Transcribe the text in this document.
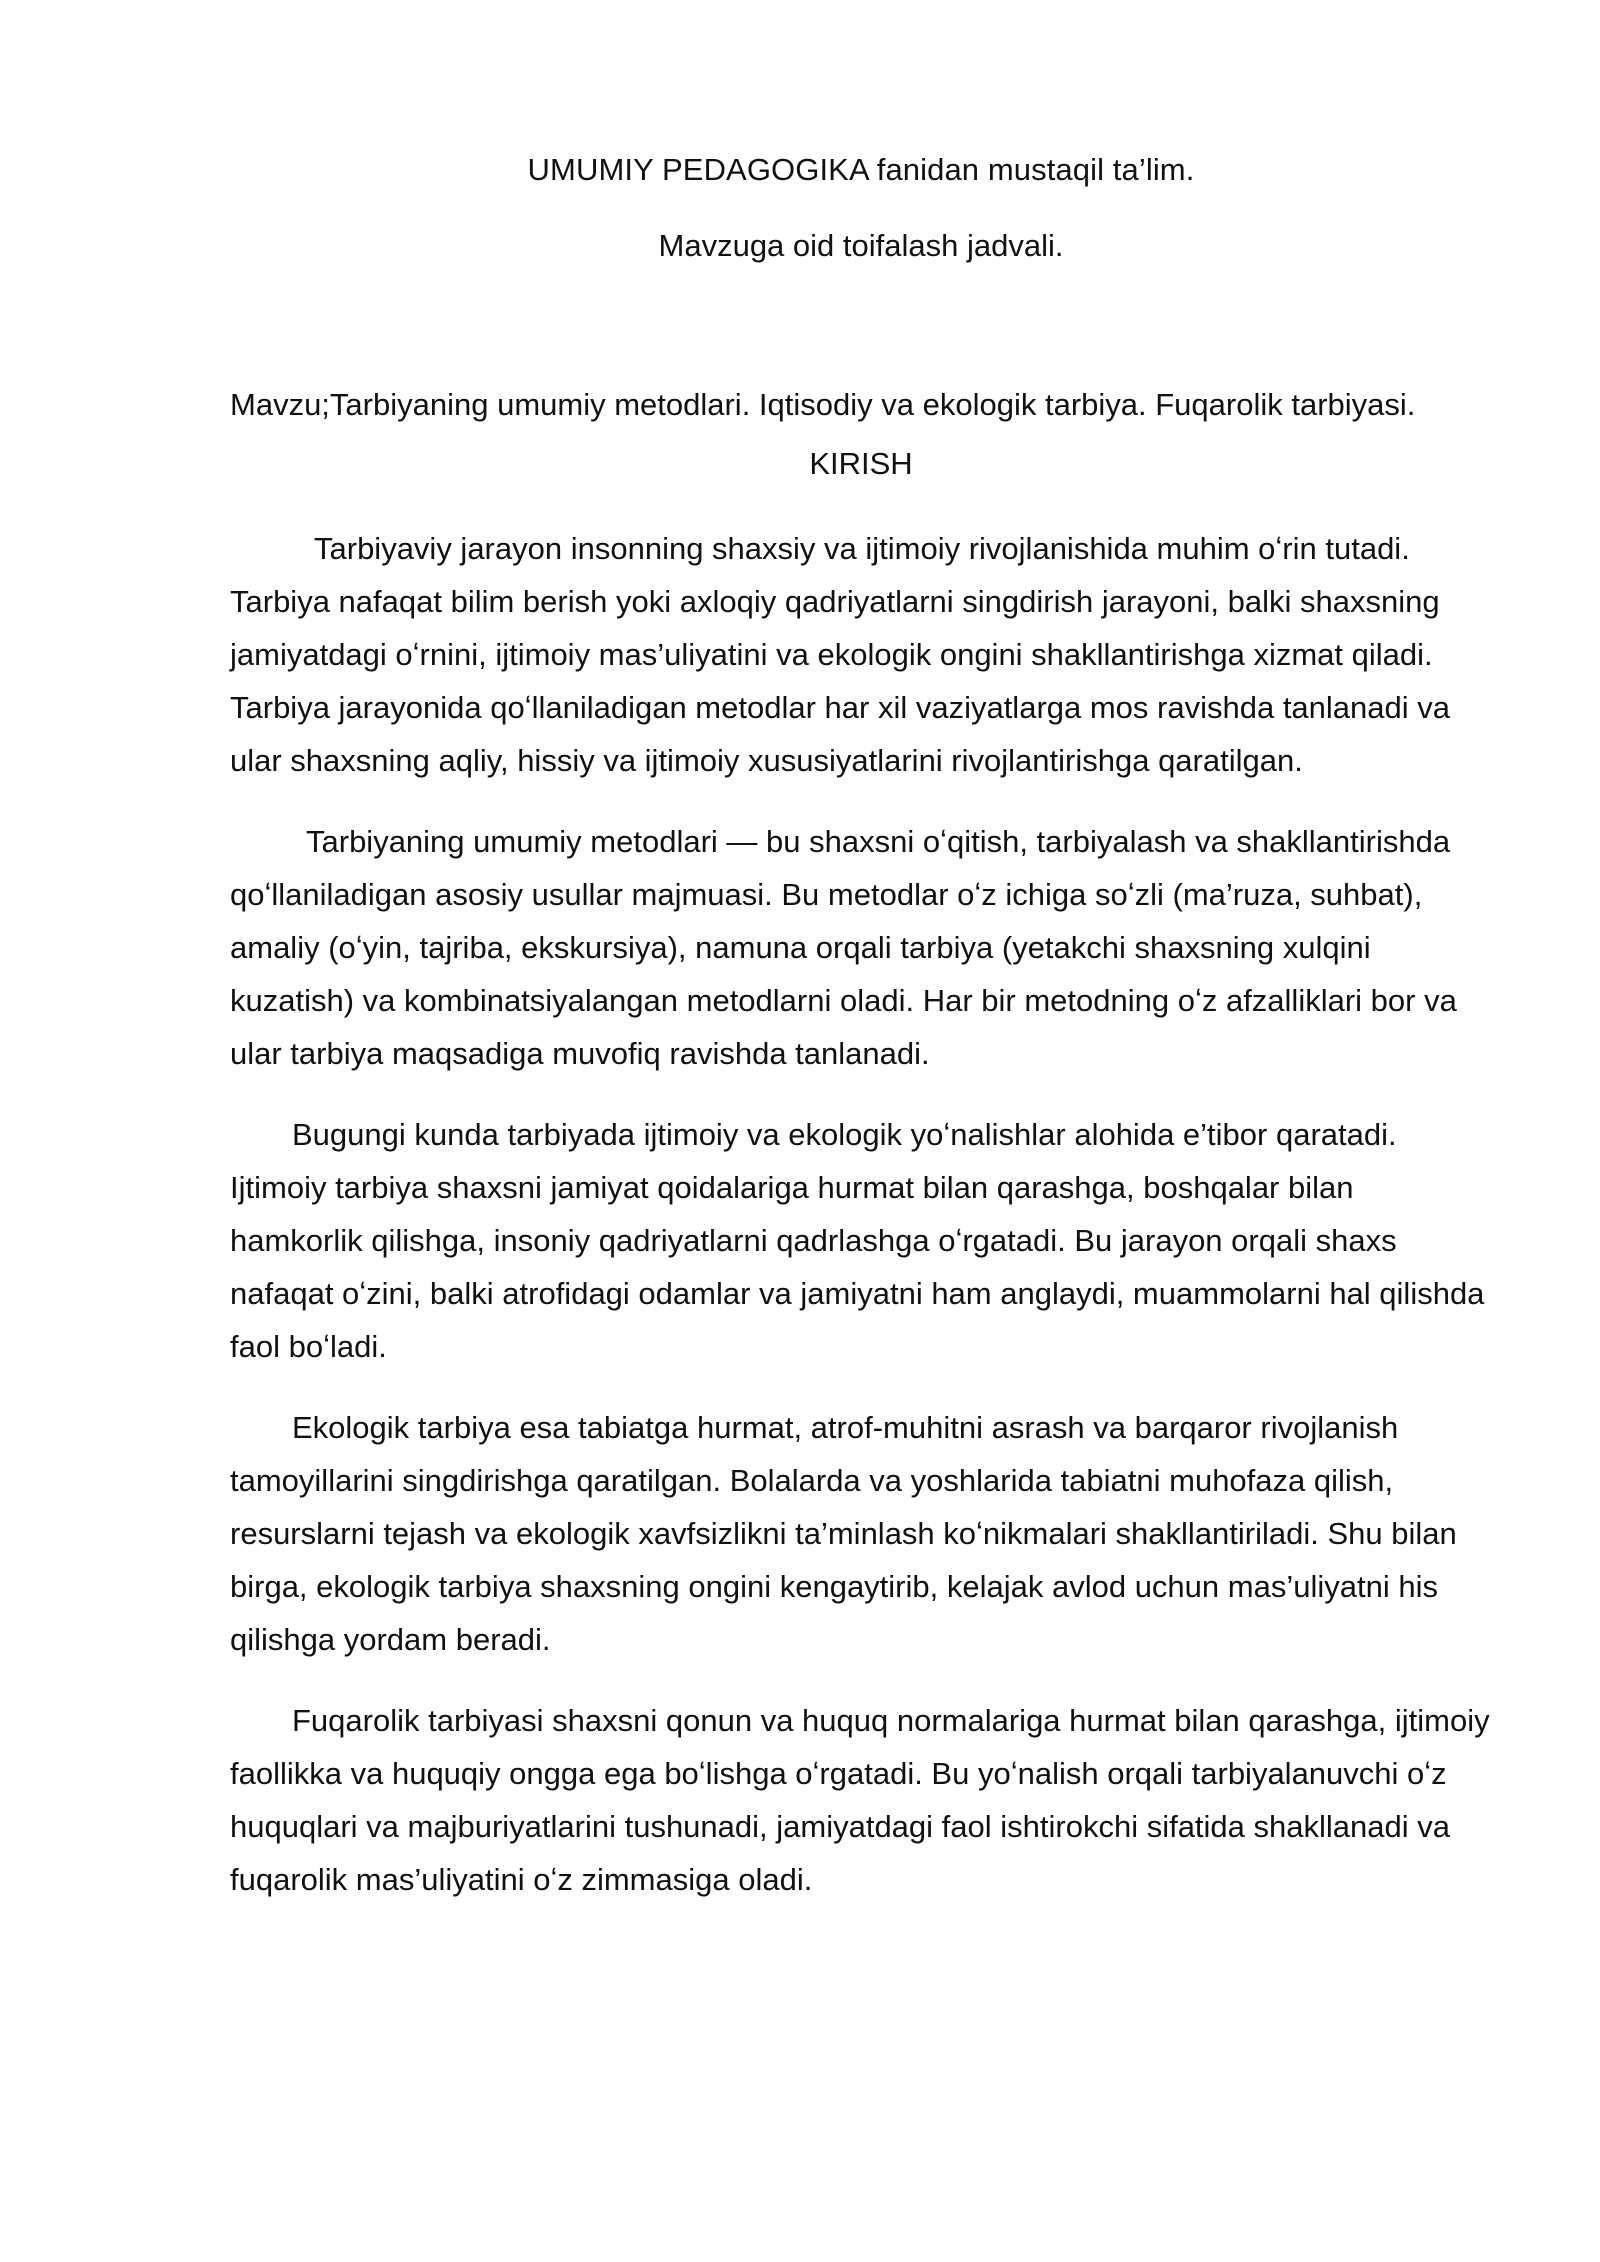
UMUMIY PEDAGOGIKA fanidan mustaqil ta’lim.
Mavzuga oid toifalash jadvali.
Mavzu;Tarbiyaning umumiy metodlari. Iqtisodiy va ekologik tarbiya. Fuqarolik tarbiyasi.
KIRISH

Tarbiyaviy jarayon insonning shaxsiy va ijtimoiy rivojlanishida muhim oʻrin tutadi. Tarbiya nafaqat bilim berish yoki axloqiy qadriyatlarni singdirish jarayoni, balki shaxsning jamiyatdagi oʻrnini, ijtimoiy mas’uliyatini va ekologik ongini shakllantirishga xizmat qiladi. Tarbiya jarayonida qoʻllaniladigan metodlar har xil vaziyatlarga mos ravishda tanlanadi va ular shaxsning aqliy, hissiy va ijtimoiy xususiyatlarini rivojlantirishga qaratilgan.

Tarbiyaning umumiy metodlari — bu shaxsni oʻqitish, tarbiyalash va shakllantirishda qoʻllaniladigan asosiy usullar majmuasi. Bu metodlar oʻz ichiga soʻzli (ma’ruza, suhbat), amaliy (oʻyin, tajriba, ekskursiya), namuna orqali tarbiya (yetakchi shaxsning xulqini kuzatish) va kombinatsiyalangan metodlarni oladi. Har bir metodning oʻz afzalliklari bor va ular tarbiya maqsadiga muvofiq ravishda tanlanadi.

Bugungi kunda tarbiyada ijtimoiy va ekologik yoʻnalishlar alohida e’tibor qaratadi. Ijtimoiy tarbiya shaxsni jamiyat qoidalariga hurmat bilan qarashga, boshqalar bilan hamkorlik qilishga, insoniy qadriyatlarni qadrlashga oʻrgatadi. Bu jarayon orqali shaxs nafaqat oʻzini, balki atrofidagi odamlar va jamiyatni ham anglaydi, muammolarni hal qilishda faol boʻladi.

Ekologik tarbiya esa tabiatga hurmat, atrof-muhitni asrash va barqaror rivojlanish tamoyillarini singdirishga qaratilgan. Bolalarda va yoshlarida tabiatni muhofaza qilish, resurslarni tejash va ekologik xavfsizlikni ta’minlash koʻnikmalari shakllantiriladi. Shu bilan birga, ekologik tarbiya shaxsning ongini kengaytirib, kelajak avlod uchun mas’uliyatni his qilishga yordam beradi.

Fuqarolik tarbiyasi shaxsni qonun va huquq normalariga hurmat bilan qarashga, ijtimoiy faollikka va huquqiy ongga ega boʻlishga oʻrgatadi. Bu yoʻnalish orqali tarbiyalanuvchi oʻz huquqlari va majburiyatlarini tushunadi, jamiyatdagi faol ishtirokchi sifatida shakllanadi va fuqarolik mas’uliyatini oʻz zimmasiga oladi.
